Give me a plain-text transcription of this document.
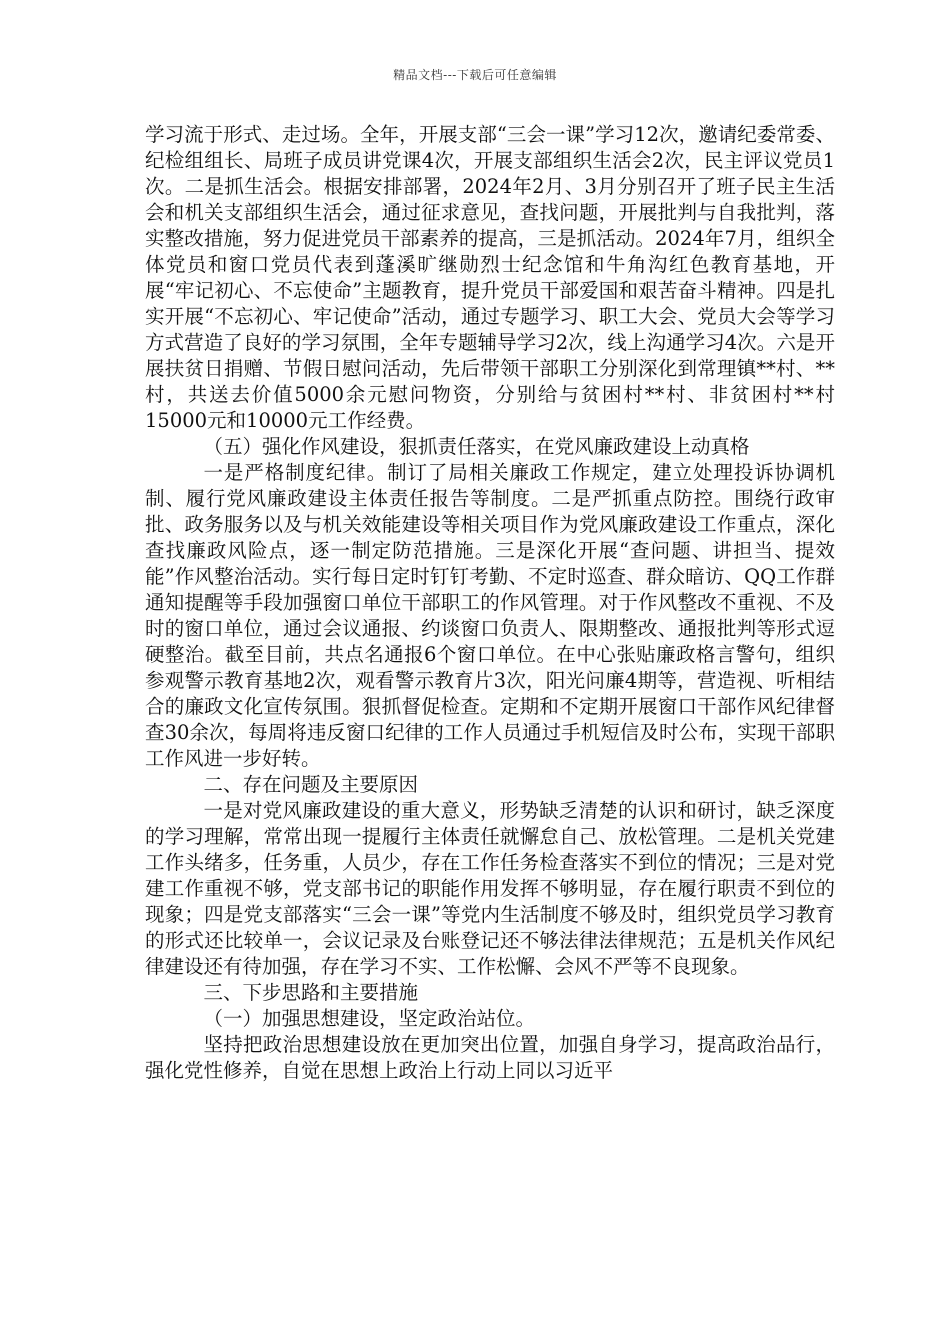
精品文档---下载后可任意编辑

学习流于形式、走过场。全年，开展支部“三会一课”学习12次，邀请纪委常委、纪检组组长、局班子成员讲党课4次，开展支部组织生活会2次，民主评议党员1次。二是抓生活会。根据安排部署，2024年2月、3月分别召开了班子民主生活会和机关支部组织生活会，通过征求意见，查找问题，开展批判与自我批判，落实整改措施，努力促进党员干部素养的提高，三是抓活动。2024年7月，组织全体党员和窗口党员代表到蓬溪旷继勋烈士纪念馆和牛角沟红色教育基地，开展“牢记初心、不忘使命”主题教育，提升党员干部爱国和艰苦奋斗精神。四是扎实开展“不忘初心、牢记使命”活动，通过专题学习、职工大会、党员大会等学习方式营造了良好的学习氛围，全年专题辅导学习2次，线上沟通学习4次。六是开展扶贫日捐赠、节假日慰问活动，先后带领干部职工分别深化到常理镇**村、**村，共送去价值5000余元慰问物资，分别给与贫困村**村、非贫困村**村15000元和10000元工作经费。

（五）强化作风建设，狠抓责任落实，在党风廉政建设上动真格

一是严格制度纪律。制订了局相关廉政工作规定，建立处理投诉协调机制、履行党风廉政建设主体责任报告等制度。二是严抓重点防控。围绕行政审批、政务服务以及与机关效能建设等相关项目作为党风廉政建设工作重点，深化查找廉政风险点，逐一制定防范措施。三是深化开展“查问题、讲担当、提效能”作风整治活动。实行每日定时钉钉考勤、不定时巡查、群众暗访、QQ工作群通知提醒等手段加强窗口单位干部职工的作风管理。对于作风整改不重视、不及时的窗口单位，通过会议通报、约谈窗口负责人、限期整改、通报批判等形式逗硬整治。截至目前，共点名通报6个窗口单位。在中心张贴廉政格言警句，组织参观警示教育基地2次，观看警示教育片3次，阳光问廉4期等，营造视、听相结合的廉政文化宣传氛围。狠抓督促检查。定期和不定期开展窗口干部作风纪律督查30余次，每周将违反窗口纪律的工作人员通过手机短信及时公布，实现干部职工作风进一步好转。

二、存在问题及主要原因

一是对党风廉政建设的重大意义，形势缺乏清楚的认识和研讨，缺乏深度的学习理解，常常出现一提履行主体责任就懈怠自己、放松管理。二是机关党建工作头绪多，任务重，人员少，存在工作任务检查落实不到位的情况；三是对党建工作重视不够，党支部书记的职能作用发挥不够明显，存在履行职责不到位的现象；四是党支部落实“三会一课”等党内生活制度不够及时，组织党员学习教育的形式还比较单一，会议记录及台账登记还不够法律法律规范；五是机关作风纪律建设还有待加强，存在学习不实、工作松懈、会风不严等不良现象。

三、下步思路和主要措施

（一）加强思想建设，坚定政治站位。

坚持把政治思想建设放在更加突出位置，加强自身学习，提高政治品行，强化党性修养，自觉在思想上政治上行动上同以习近平
